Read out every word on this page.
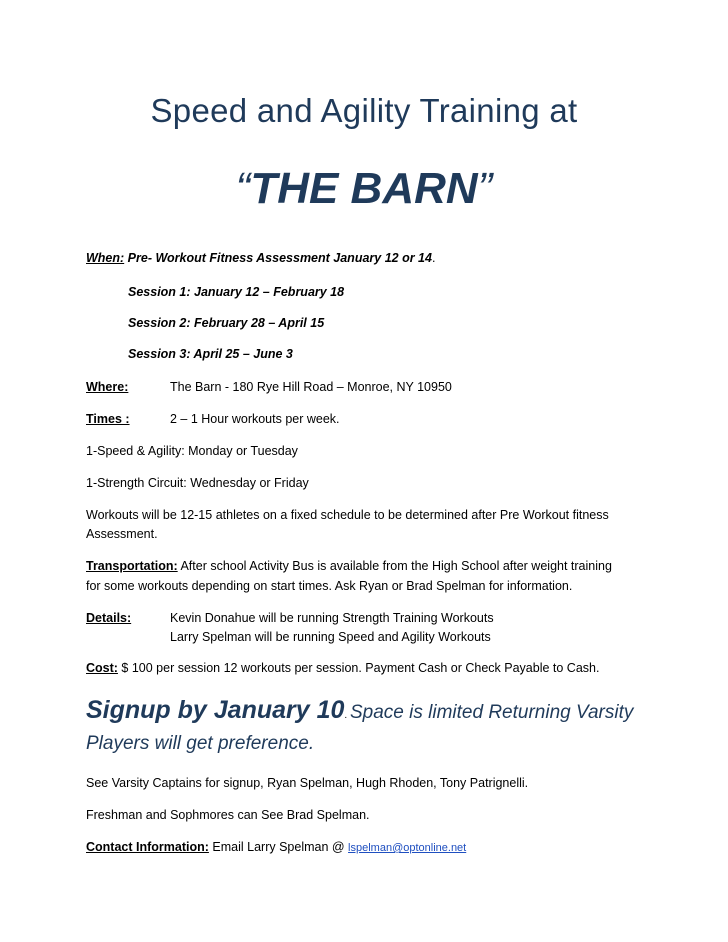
Speed and Agility Training at
“THE BARN”
When: Pre- Workout Fitness Assessment January 12 or 14.
Session 1: January 12 – February 18
Session 2: February 28 – April 15
Session 3: April 25 – June 3
Where:	The Barn - 180 Rye Hill Road – Monroe, NY 10950
Times :	2 – 1 Hour workouts per week.
1-Speed & Agility: Monday or Tuesday
1-Strength Circuit: Wednesday or Friday
Workouts will be 12-15 athletes on a fixed schedule to be determined after Pre Workout fitness
Assessment.
Transportation: After school Activity Bus is available from the High School after weight training
for some workouts depending on start times. Ask Ryan or Brad Spelman for information.
Details:	Kevin Donahue will be running Strength Training Workouts
Larry Spelman will be running Speed and Agility Workouts
Cost: $ 100 per session 12 workouts per session. Payment Cash or Check Payable to Cash.
Signup by January 10. Space is limited Returning Varsity
Players will get preference.
See Varsity Captains for signup, Ryan Spelman, Hugh Rhoden, Tony Patrignelli.
Freshman and Sophmores can See Brad Spelman.
Contact Information: Email Larry Spelman @ lspelman@optonline.net
